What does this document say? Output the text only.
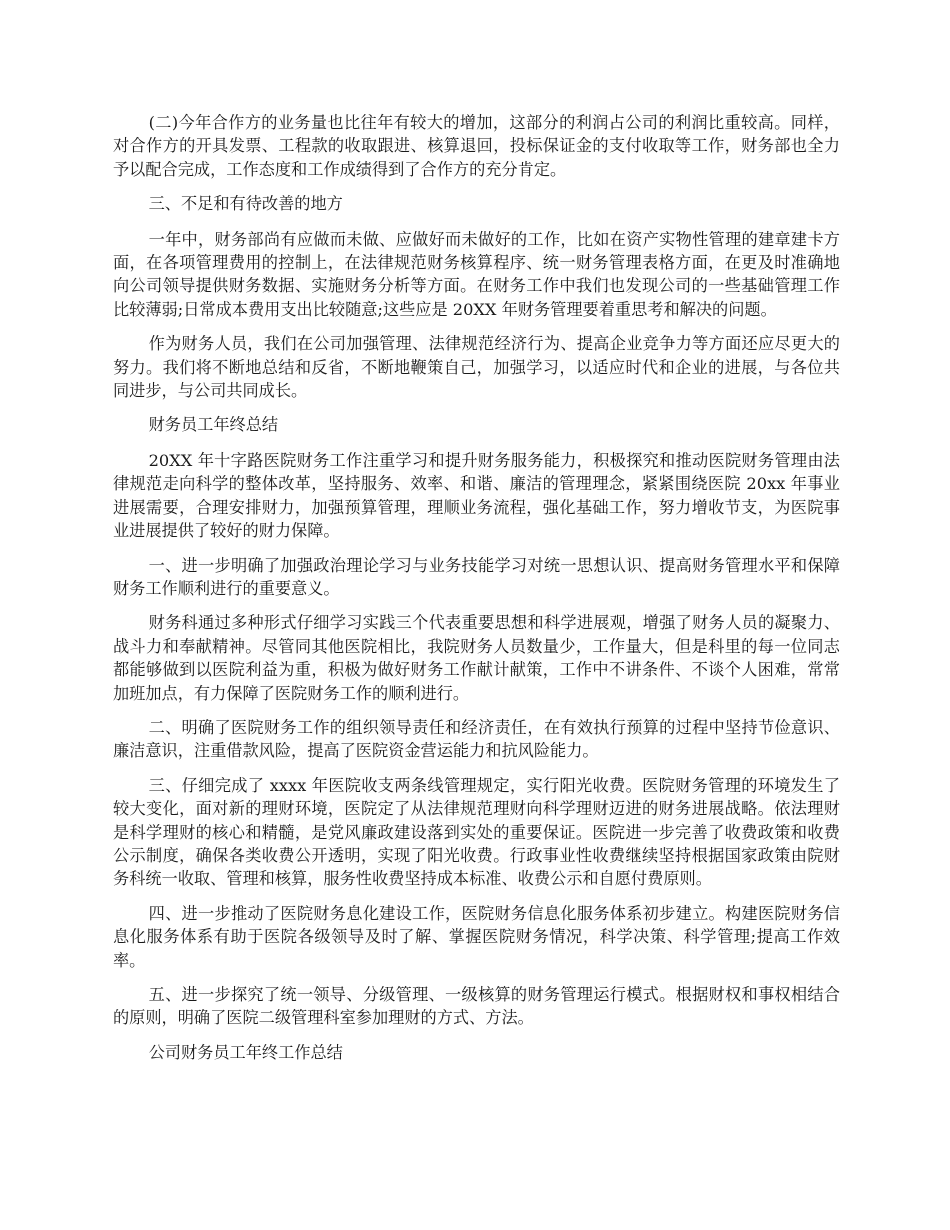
(二)今年合作方的业务量也比往年有较大的增加，这部分的利润占公司的利润比重较高。同样，对合作方的开具发票、工程款的收取跟进、核算退回，投标保证金的支付收取等工作，财务部也全力予以配合完成，工作态度和工作成绩得到了合作方的充分肯定。

三、不足和有待改善的地方

一年中，财务部尚有应做而未做、应做好而未做好的工作，比如在资产实物性管理的建章建卡方面，在各项管理费用的控制上，在法律规范财务核算程序、统一财务管理表格方面，在更及时准确地向公司领导提供财务数据、实施财务分析等方面。在财务工作中我们也发现公司的一些基础管理工作比较薄弱;日常成本费用支出比较随意;这些应是 20XX 年财务管理要着重思考和解决的问题。

作为财务人员，我们在公司加强管理、法律规范经济行为、提高企业竞争力等方面还应尽更大的努力。我们将不断地总结和反省，不断地鞭策自己，加强学习，以适应时代和企业的进展，与各位共同进步，与公司共同成长。

财务员工年终总结

20XX 年十字路医院财务工作注重学习和提升财务服务能力，积极探究和推动医院财务管理由法律规范走向科学的整体改革，坚持服务、效率、和谐、廉洁的管理理念，紧紧围绕医院 20xx 年事业进展需要，合理安排财力，加强预算管理，理顺业务流程，强化基础工作，努力增收节支，为医院事业进展提供了较好的财力保障。

一、进一步明确了加强政治理论学习与业务技能学习对统一思想认识、提高财务管理水平和保障财务工作顺利进行的重要意义。

财务科通过多种形式仔细学习实践三个代表重要思想和科学进展观，增强了财务人员的凝聚力、战斗力和奉献精神。尽管同其他医院相比，我院财务人员数量少，工作量大，但是科里的每一位同志都能够做到以医院利益为重，积极为做好财务工作献计献策，工作中不讲条件、不谈个人困难，常常加班加点，有力保障了医院财务工作的顺利进行。

二、明确了医院财务工作的组织领导责任和经济责任，在有效执行预算的过程中坚持节俭意识、廉洁意识，注重借款风险，提高了医院资金营运能力和抗风险能力。

三、仔细完成了 xxxx 年医院收支两条线管理规定，实行阳光收费。医院财务管理的环境发生了较大变化，面对新的理财环境，医院定了从法律规范理财向科学理财迈进的财务进展战略。依法理财是科学理财的核心和精髓，是党风廉政建设落到实处的重要保证。医院进一步完善了收费政策和收费公示制度，确保各类收费公开透明，实现了阳光收费。行政事业性收费继续坚持根据国家政策由院财务科统一收取、管理和核算，服务性收费坚持成本标准、收费公示和自愿付费原则。

四、进一步推动了医院财务息化建设工作，医院财务信息化服务体系初步建立。构建医院财务信息化服务体系有助于医院各级领导及时了解、掌握医院财务情况，科学决策、科学管理;提高工作效率。

五、进一步探究了统一领导、分级管理、一级核算的财务管理运行模式。根据财权和事权相结合的原则，明确了医院二级管理科室参加理财的方式、方法。

公司财务员工年终工作总结
